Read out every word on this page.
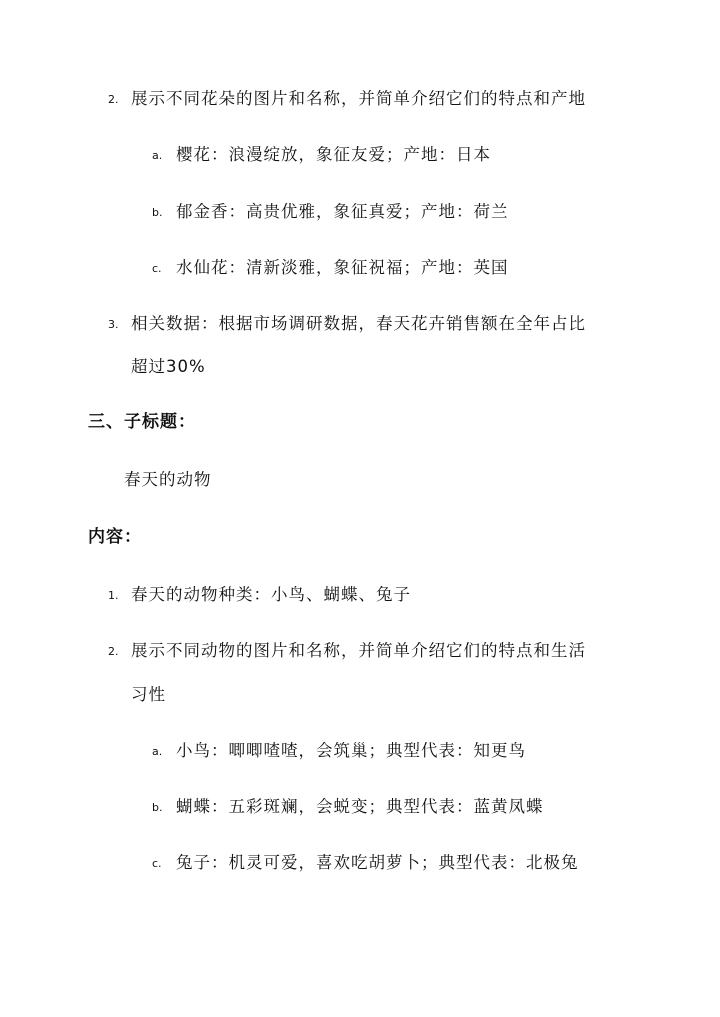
2. 展示不同花朵的图片和名称，并简单介绍它们的特点和产地
a. 樱花：浪漫绽放，象征友爱；产地：日本
b. 郁金香：高贵优雅，象征真爱；产地：荷兰
c. 水仙花：清新淡雅，象征祝福；产地：英国
3. 相关数据：根据市场调研数据，春天花卉销售额在全年占比
超过30%
三、子标题：
春天的动物
内容：
1. 春天的动物种类：小鸟、蝴蝶、兔子
2. 展示不同动物的图片和名称，并简单介绍它们的特点和生活
习性
a. 小鸟：唧唧喳喳，会筑巢；典型代表：知更鸟
b. 蝴蝶：五彩斑斓，会蜕变；典型代表：蓝黄凤蝶
c. 兔子：机灵可爱，喜欢吃胡萝卜；典型代表：北极兔
